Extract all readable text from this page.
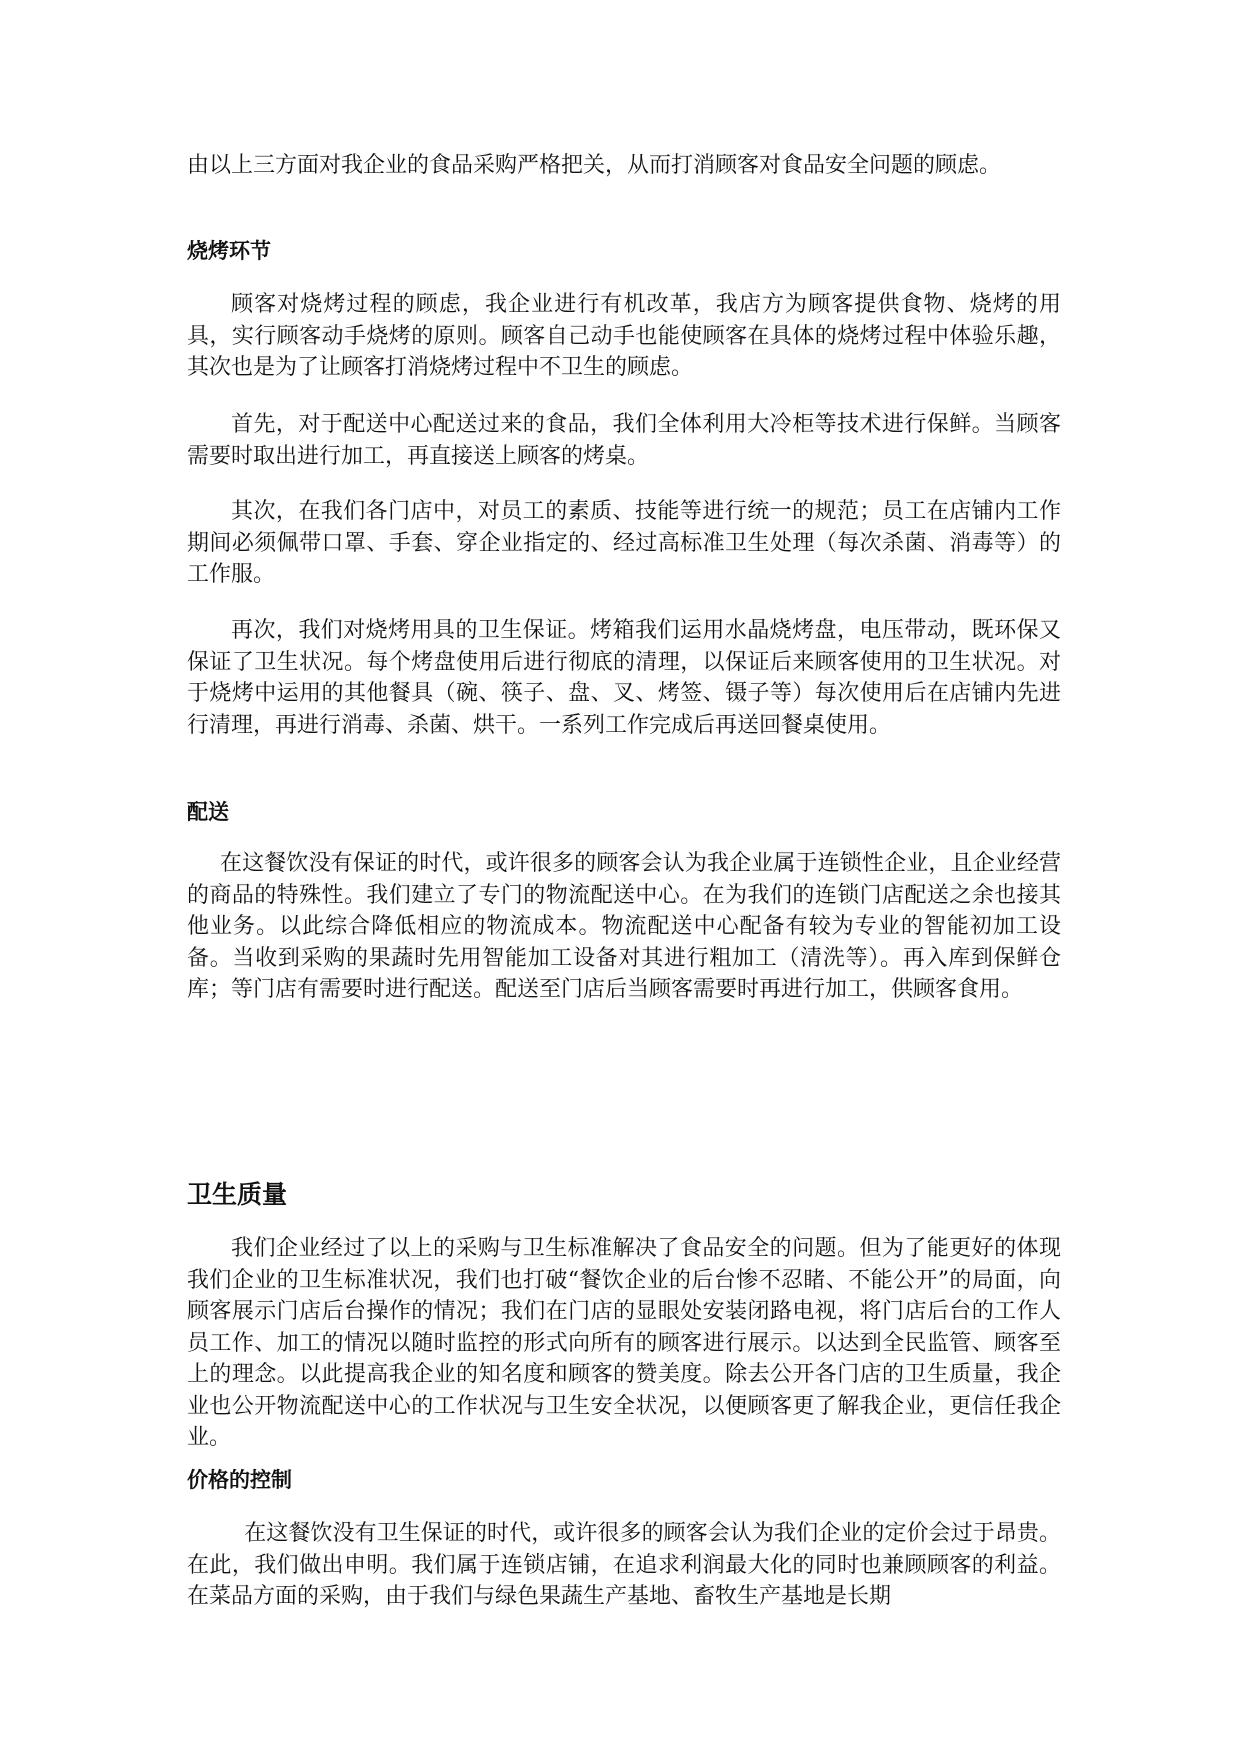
由以上三方面对我企业的食品采购严格把关，从而打消顾客对食品安全问题的顾虑。

烧烤环节

顾客对烧烤过程的顾虑，我企业进行有机改革，我店方为顾客提供食物、烧烤的用具，实行顾客动手烧烤的原则。顾客自己动手也能使顾客在具体的烧烤过程中体验乐趣，其次也是为了让顾客打消烧烤过程中不卫生的顾虑。

首先，对于配送中心配送过来的食品，我们全体利用大冷柜等技术进行保鲜。当顾客需要时取出进行加工，再直接送上顾客的烤桌。

其次，在我们各门店中，对员工的素质、技能等进行统一的规范；员工在店铺内工作期间必须佩带口罩、手套、穿企业指定的、经过高标准卫生处理（每次杀菌、消毒等）的工作服。

再次，我们对烧烤用具的卫生保证。烤箱我们运用水晶烧烤盘，电压带动，既环保又保证了卫生状况。每个烤盘使用后进行彻底的清理，以保证后来顾客使用的卫生状况。对于烧烤中运用的其他餐具（碗、筷子、盘、叉、烤签、镊子等）每次使用后在店铺内先进行清理，再进行消毒、杀菌、烘干。一系列工作完成后再送回餐桌使用。

配送

在这餐饮没有保证的时代，或许很多的顾客会认为我企业属于连锁性企业，且企业经营的商品的特殊性。我们建立了专门的物流配送中心。在为我们的连锁门店配送之余也接其他业务。以此综合降低相应的物流成本。物流配送中心配备有较为专业的智能初加工设备。当收到采购的果蔬时先用智能加工设备对其进行粗加工（清洗等）。再入库到保鲜仓库；等门店有需要时进行配送。配送至门店后当顾客需要时再进行加工，供顾客食用。

卫生质量

我们企业经过了以上的采购与卫生标准解决了食品安全的问题。但为了能更好的体现我们企业的卫生标准状况，我们也打破“餐饮企业的后台惨不忍睹、不能公开”的局面，向顾客展示门店后台操作的情况；我们在门店的显眼处安装闭路电视，将门店后台的工作人员工作、加工的情况以随时监控的形式向所有的顾客进行展示。以达到全民监管、顾客至上的理念。以此提高我企业的知名度和顾客的赞美度。除去公开各门店的卫生质量，我企业也公开物流配送中心的工作状况与卫生安全状况，以便顾客更了解我企业，更信任我企业。

价格的控制

在这餐饮没有卫生保证的时代，或许很多的顾客会认为我们企业的定价会过于昂贵。在此，我们做出申明。我们属于连锁店铺，在追求利润最大化的同时也兼顾顾客的利益。在菜品方面的采购，由于我们与绿色果蔬生产基地、畜牧生产基地是长期
